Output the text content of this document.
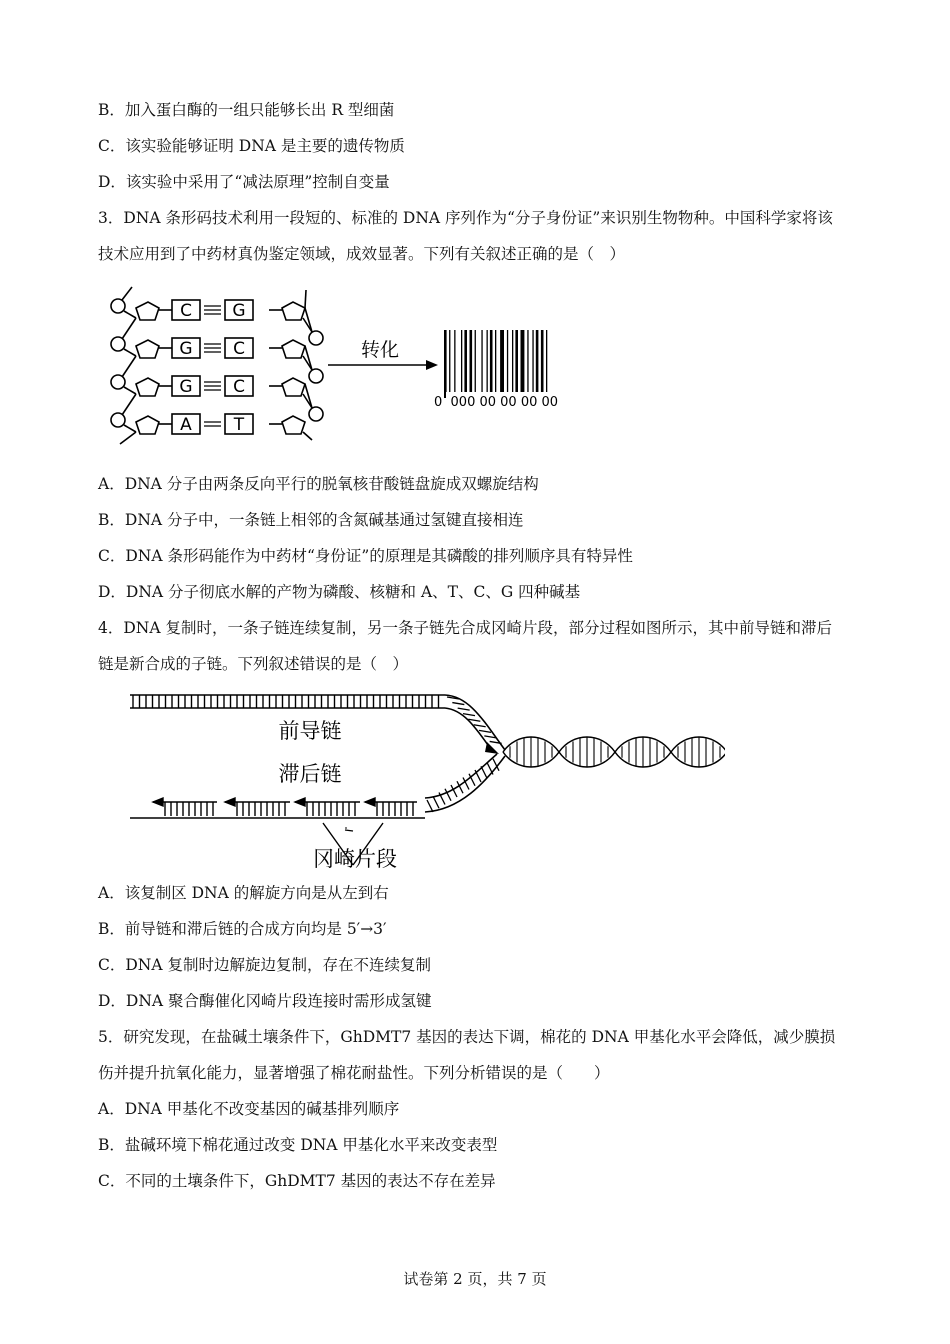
B．加入蛋白酶的一组只能够长出 R 型细菌
C．该实验能够证明 DNA 是主要的遗传物质
D．该实验中采用了“减法原理”控制自变量
3．DNA 条形码技术利用一段短的、标准的 DNA 序列作为“分子身份证”来识别生物物种。中国科学家将该
技术应用到了中药材真伪鉴定领域，成效显著。下列有关叙述正确的是（　）
C
G
G
A
G
C
C
T
转化
0  000 00 00 00 00
A．DNA 分子由两条反向平行的脱氧核苷酸链盘旋成双螺旋结构
B．DNA 分子中，一条链上相邻的含氮碱基通过氢键直接相连
C．DNA 条形码能作为中药材“身份证”的原理是其磷酸的排列顺序具有特异性
D．DNA 分子彻底水解的产物为磷酸、核糖和 A、T、C、G 四种碱基
4．DNA 复制时，一条子链连续复制，另一条子链先合成冈崎片段，部分过程如图所示，其中前导链和滞后
链是新合成的子链。下列叙述错误的是（　）
前导链
滞后链
冈崎片段
A．该复制区 DNA 的解旋方向是从左到右
B．前导链和滞后链的合成方向均是 5′→3′
C．DNA 复制时边解旋边复制，存在不连续复制
D．DNA 聚合酶催化冈崎片段连接时需形成氢键
5．研究发现，在盐碱土壤条件下，GhDMT7 基因的表达下调，棉花的 DNA 甲基化水平会降低，减少膜损
伤并提升抗氧化能力，显著增强了棉花耐盐性。下列分析错误的是（　　）
A．DNA 甲基化不改变基因的碱基排列顺序
B．盐碱环境下棉花通过改变 DNA 甲基化水平来改变表型
C．不同的土壤条件下，GhDMT7 基因的表达不存在差异
试卷第 2 页，共 7 页
